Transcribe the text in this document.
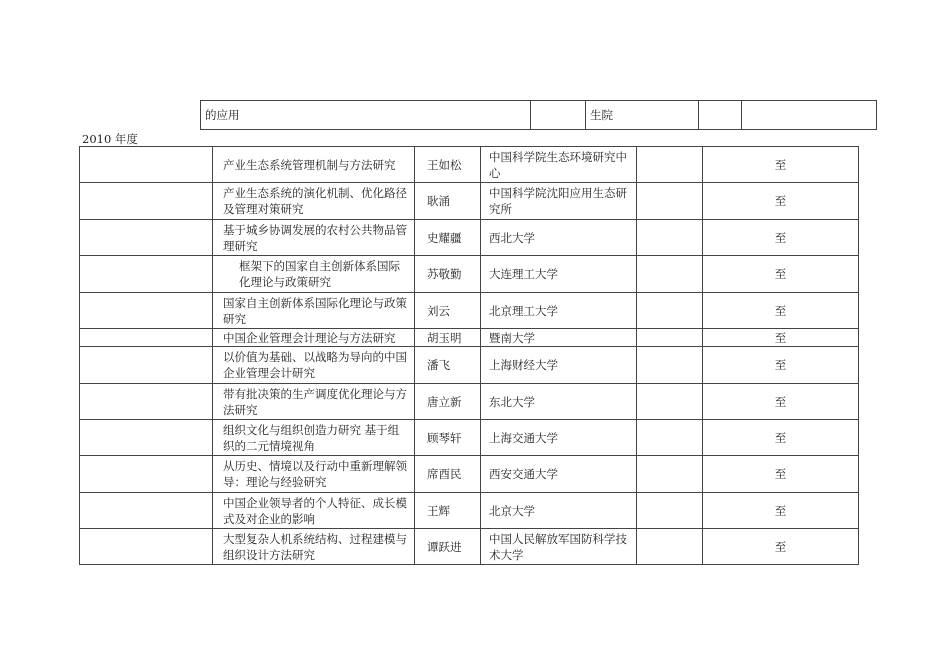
的应用		生院		
2010 年度
	产业生态系统管理机制与方法研究	王如松	中国科学院生态环境研究中心		至
	产业生态系统的演化机制、优化路径及管理对策研究	耿涌	中国科学院沈阳应用生态研究所		至
	基于城乡协调发展的农村公共物品管理研究	史耀疆	西北大学		至
	框架下的国家自主创新体系国际化理论与政策研究	苏敬勤	大连理工大学		至
	国家自主创新体系国际化理论与政策研究	刘云	北京理工大学		至
	中国企业管理会计理论与方法研究	胡玉明	暨南大学		至
	以价值为基础、以战略为导向的中国企业管理会计研究	潘飞	上海财经大学		至
	带有批决策的生产调度优化理论与方法研究	唐立新	东北大学		至
	组织文化与组织创造力研究 基于组织的二元情境视角	顾琴轩	上海交通大学		至
	从历史、情境以及行动中重新理解领导：理论与经验研究	席酉民	西安交通大学		至
	中国企业领导者的个人特征、成长模式及对企业的影响	王辉	北京大学		至
	大型复杂人机系统结构、过程建模与组织设计方法研究	谭跃进	中国人民解放军国防科学技术大学		至
